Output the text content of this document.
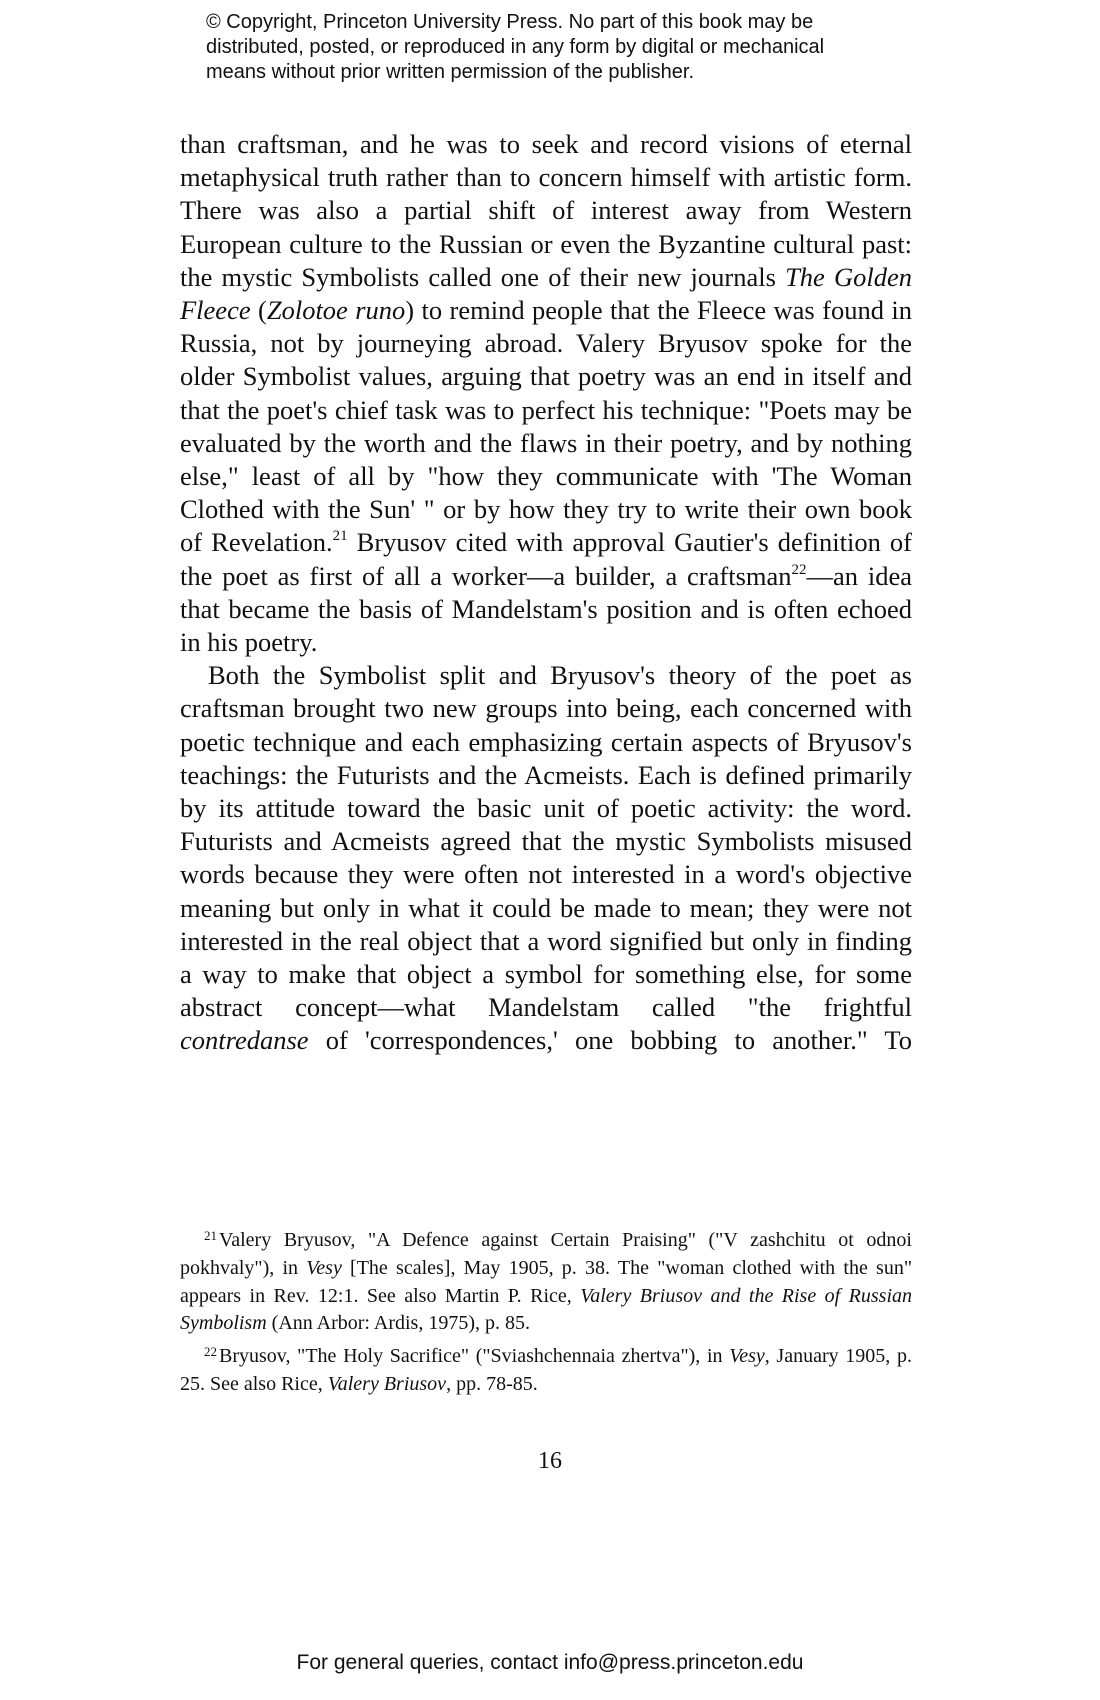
© Copyright, Princeton University Press. No part of this book may be
distributed, posted, or reproduced in any form by digital or mechanical
means without prior written permission of the publisher.

than craftsman, and he was to seek and record visions of eternal metaphysical truth rather than to concern himself with artistic form. There was also a partial shift of interest away from Western European culture to the Russian or even the Byzantine cultural past: the mystic Symbolists called one of their new journals The Golden Fleece (Zolotoe runo) to remind people that the Fleece was found in Russia, not by journeying abroad. Valery Bryusov spoke for the older Symbolist values, arguing that poetry was an end in itself and that the poet's chief task was to perfect his technique: "Poets may be evaluated by the worth and the flaws in their poetry, and by nothing else," least of all by "how they communicate with 'The Woman Clothed with the Sun' " or by how they try to write their own book of Revelation.$^{21}$ Bryusov cited with approval Gautier's definition of the poet as first of all a worker—a builder, a craftsman$^{22}$—an idea that became the basis of Mandelstam's position and is often echoed in his poetry.

Both the Symbolist split and Bryusov's theory of the poet as craftsman brought two new groups into being, each concerned with poetic technique and each emphasizing certain aspects of Bryusov's teachings: the Futurists and the Acmeists. Each is defined primarily by its attitude toward the basic unit of poetic activity: the word. Futurists and Acmeists agreed that the mystic Symbolists misused words because they were often not interested in a word's objective meaning but only in what it could be made to mean; they were not interested in the real object that a word signified but only in finding a way to make that object a symbol for something else, for some abstract concept—what Mandelstam called "the frightful contredanse of 'correspondences,' one bobbing to another." To

$^{21}$ Valery Bryusov, "A Defence against Certain Praising" ("V zashchitu ot odnoi pokhvaly"), in Vesy [The scales], May 1905, p. 38. The "woman clothed with the sun" appears in Rev. 12:1. See also Martin P. Rice, Valery Briusov and the Rise of Russian Symbolism (Ann Arbor: Ardis, 1975), p. 85.

$^{22}$ Bryusov, "The Holy Sacrifice" ("Sviashchennaia zhertva"), in Vesy, January 1905, p. 25. See also Rice, Valery Briusov, pp. 78-85.

16
For general queries, contact info@press.princeton.edu
